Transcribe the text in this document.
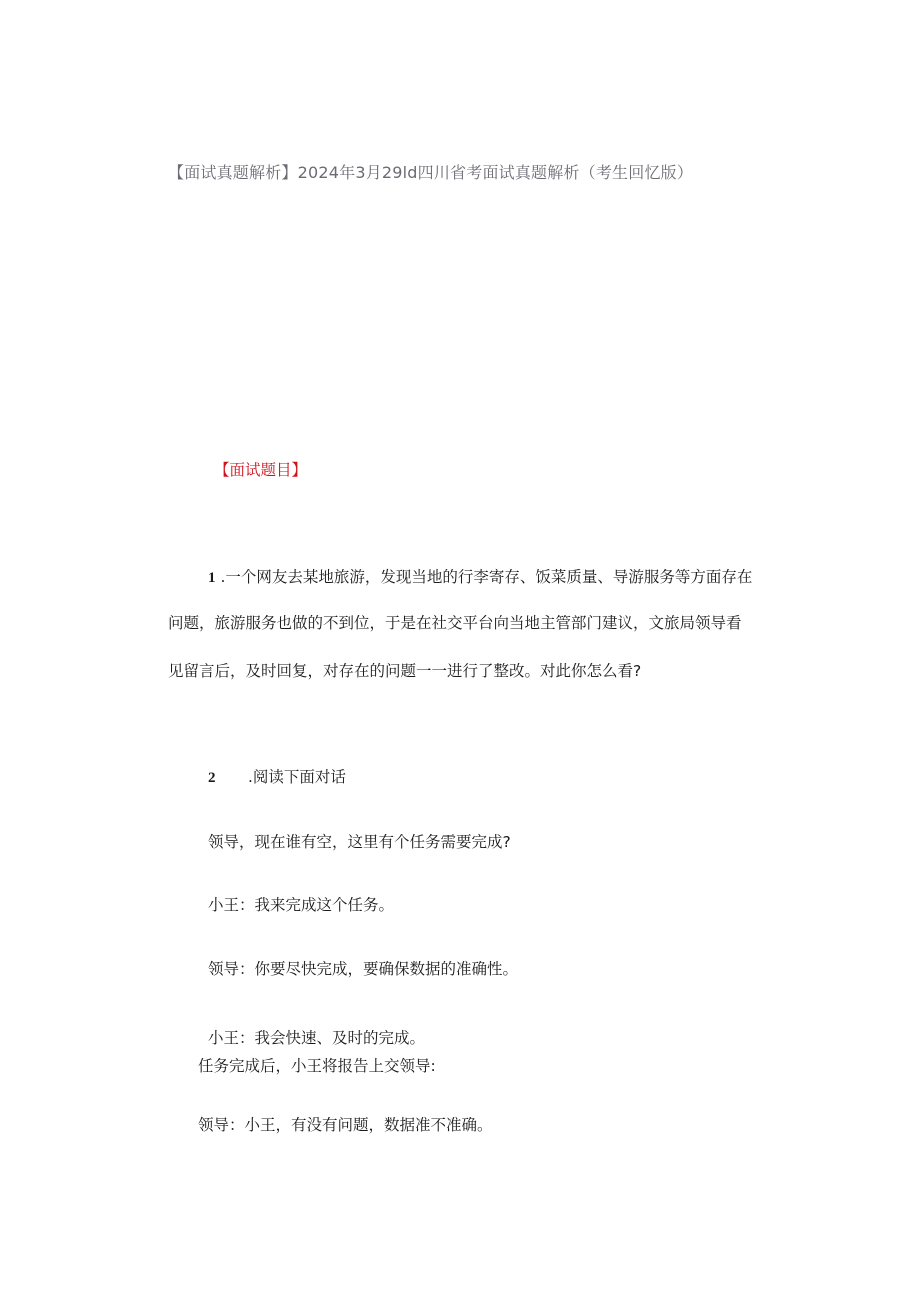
【面试真题解析】2024年3月29ld四川省考面试真题解析（考生回忆版）
【面试题目】
1 .一个网友去某地旅游，发现当地的行李寄存、饭菜质量、导游服务等方面存在
问题，旅游服务也做的不到位，于是在社交平台向当地主管部门建议，文旅局领导看
见留言后，及时回复，对存在的问题一一进行了整改。对此你怎么看?
2 .阅读下面对话
领导，现在谁有空，这里有个任务需要完成?
小王：我来完成这个任务。
领导：你要尽快完成，要确保数据的准确性。
小王：我会快速、及时的完成。
任务完成后，小王将报告上交领导:
领导：小王，有没有问题，数据准不准确。
